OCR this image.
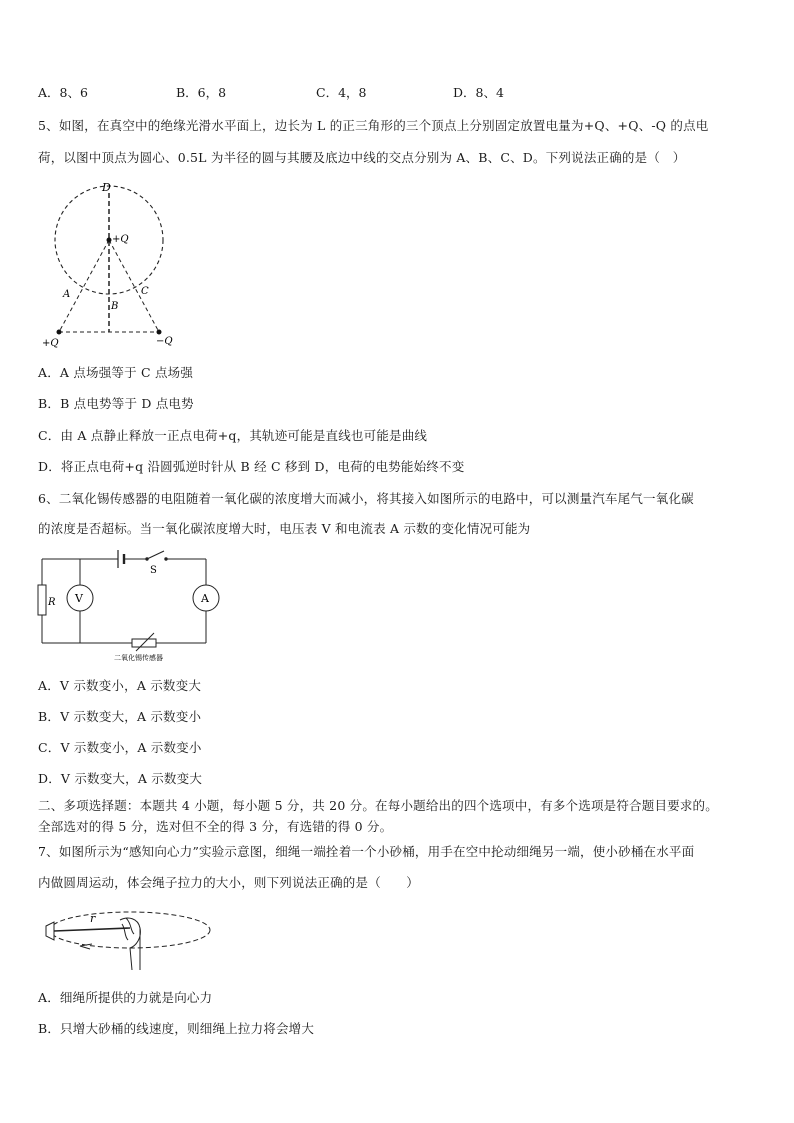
A．8、6	B．6，8	C．4，8	D．8、4
5、如图，在真空中的绝缘光滑水平面上，边长为 L 的正三角形的三个顶点上分别固定放置电量为+Q、+Q、-Q 的点电
荷，以图中顶点为圆心、0.5L 为半径的圆与其腰及底边中线的交点分别为 A、B、C、D。下列说法正确的是（　）
D
+Q
A
B
C
+Q	−Q
A．A 点场强等于 C 点场强
B．B 点电势等于 D 点电势
C．由 A 点静止释放一正点电荷+q，其轨迹可能是直线也可能是曲线
D．将正点电荷+q 沿圆弧逆时针从 B 经 C 移到 D，电荷的电势能始终不变
6、二氧化锡传感器的电阻随着一氧化碳的浓度增大而减小，将其接入如图所示的电路中，可以测量汽车尾气一氧化碳
的浓度是否超标。当一氧化碳浓度增大时，电压表 V 和电流表 A 示数的变化情况可能为
S
R V	A
二氧化锡传感器
A．V 示数变小，A 示数变大
B．V 示数变大，A 示数变小
C．V 示数变小，A 示数变小
D．V 示数变大，A 示数变大
二、多项选择题：本题共 4 小题，每小题 5 分，共 20 分。在每小题给出的四个选项中，有多个选项是符合题目要求的。
全部选对的得 5 分，选对但不全的得 3 分，有选错的得 0 分。
7、如图所示为“感知向心力”实验示意图，细绳一端拴着一个小砂桶，用手在空中抡动细绳另一端，使小砂桶在水平面
内做圆周运动，体会绳子拉力的大小，则下列说法正确的是（　　）
r
A．细绳所提供的力就是向心力
B．只增大砂桶的线速度，则细绳上拉力将会增大
